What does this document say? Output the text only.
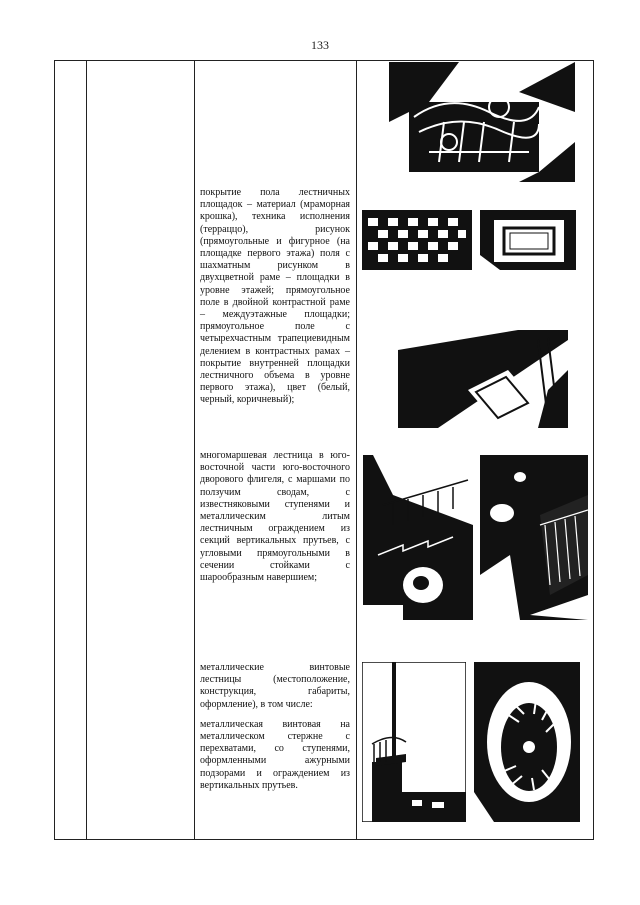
133

покрытие пола лестничных площадок – материал (мраморная крошка), техника исполнения (терраццо), рисунок (прямоугольные и фигурное (на площадке первого этажа) поля с шахматным рисунком в двухцветной раме – площадки в уровне этажей; прямоугольное поле в двойной контрастной раме – междуэтажные площадки; прямоугольное поле с четырехчастным трапециевидным делением в контрастных рамах – покрытие внутренней площадки лестничного объема в уровне первого этажа), цвет (белый, черный, коричневый);

многомаршевая лестница в юго-восточной части юго-восточного дворового флигеля, с маршами по ползучим сводам, с известняковыми ступенями и металлическим литым лестничным ограждением из секций вертикальных прутьев, с угловыми прямоугольными в сечении стойками с шарообразным навершием;

металлические винтовые лестницы (местоположение, конструкция, габариты, оформление), в том числе:

металлическая винтовая на металлическом стержне с перехватами, со ступенями, оформленными ажурными подзорами и ограждением из вертикальных прутьев.
